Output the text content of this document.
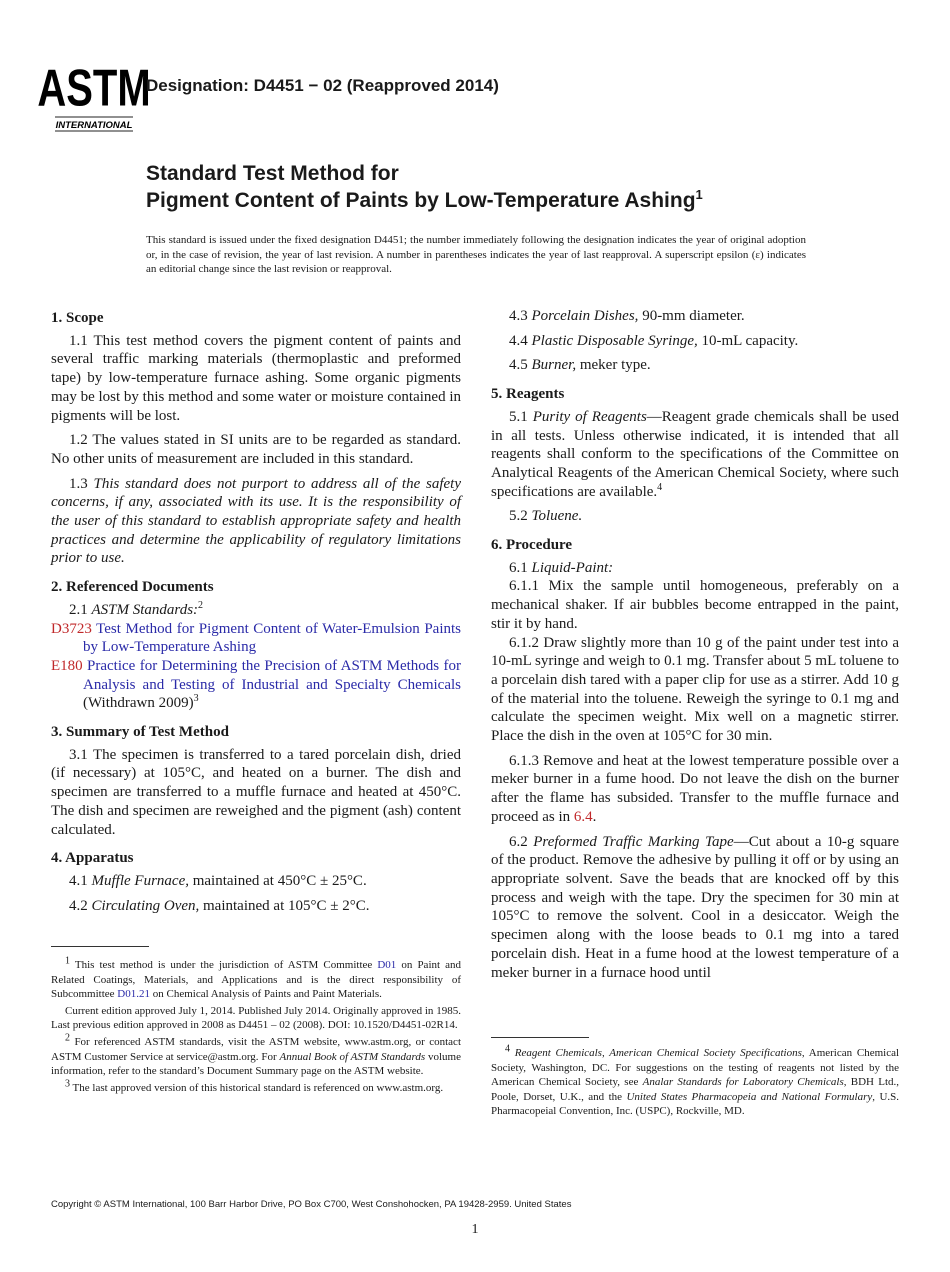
ASTM
INTERNATIONAL
Designation: D4451 − 02 (Reapproved 2014)
Standard Test Method for
Pigment Content of Paints by Low-Temperature Ashing$^1$
This standard is issued under the fixed designation D4451; the number immediately following the designation indicates the year of original adoption or, in the case of revision, the year of last revision. A number in parentheses indicates the year of last reapproval. A superscript epsilon (ε) indicates an editorial change since the last revision or reapproval.
1. Scope
1.1 This test method covers the pigment content of paints and several traffic marking materials (thermoplastic and preformed tape) by low-temperature furnace ashing. Some organic pigments may be lost by this method and some water or moisture contained in pigments will be lost.
1.2 The values stated in SI units are to be regarded as standard. No other units of measurement are included in this standard.
1.3 This standard does not purport to address all of the safety concerns, if any, associated with its use. It is the responsibility of the user of this standard to establish appropriate safety and health practices and determine the applicability of regulatory limitations prior to use.
2. Referenced Documents
2.1 ASTM Standards:$^2$
D3723 Test Method for Pigment Content of Water-Emulsion Paints by Low-Temperature Ashing
E180 Practice for Determining the Precision of ASTM Methods for Analysis and Testing of Industrial and Specialty Chemicals (Withdrawn 2009)$^3$
3. Summary of Test Method
3.1 The specimen is transferred to a tared porcelain dish, dried (if necessary) at 105°C, and heated on a burner. The dish and specimen are transferred to a muffle furnace and heated at 450°C. The dish and specimen are reweighed and the pigment (ash) content calculated.
4. Apparatus
4.1 Muffle Furnace, maintained at 450°C ± 25°C.
4.2 Circulating Oven, maintained at 105°C ± 2°C.
4.3 Porcelain Dishes, 90-mm diameter.
4.4 Plastic Disposable Syringe, 10-mL capacity.
4.5 Burner, meker type.
5. Reagents
5.1 Purity of Reagents—Reagent grade chemicals shall be used in all tests. Unless otherwise indicated, it is intended that all reagents shall conform to the specifications of the Committee on Analytical Reagents of the American Chemical Society, where such specifications are available.$^4$
5.2 Toluene.
6. Procedure
6.1 Liquid-Paint:
6.1.1 Mix the sample until homogeneous, preferably on a mechanical shaker. If air bubbles become entrapped in the paint, stir it by hand.
6.1.2 Draw slightly more than 10 g of the paint under test into a 10-mL syringe and weigh to 0.1 mg. Transfer about 5 mL toluene to a porcelain dish tared with a paper clip for use as a stirrer. Add 10 g of the material into the toluene. Reweigh the syringe to 0.1 mg and calculate the specimen weight. Mix well on a magnetic stirrer. Place the dish in the oven at 105°C for 30 min.
6.1.3 Remove and heat at the lowest temperature possible over a meker burner in a fume hood. Do not leave the dish on the burner after the flame has subsided. Transfer to the muffle furnace and proceed as in 6.4.
6.2 Preformed Traffic Marking Tape—Cut about a 10-g square of the product. Remove the adhesive by pulling it off or by using an appropriate solvent. Save the beads that are knocked off by this process and weigh with the tape. Dry the specimen for 30 min at 105°C to remove the solvent. Cool in a desiccator. Weigh the specimen along with the loose beads to 0.1 mg into a tared porcelain dish. Heat in a fume hood at the lowest temperature of a meker burner in a furnace hood until
$^1$ This test method is under the jurisdiction of ASTM Committee D01 on Paint and Related Coatings, Materials, and Applications and is the direct responsibility of Subcommittee D01.21 on Chemical Analysis of Paints and Paint Materials.
Current edition approved July 1, 2014. Published July 2014. Originally approved in 1985. Last previous edition approved in 2008 as D4451 – 02 (2008). DOI: 10.1520/D4451-02R14.
$^2$ For referenced ASTM standards, visit the ASTM website, www.astm.org, or contact ASTM Customer Service at service@astm.org. For Annual Book of ASTM Standards volume information, refer to the standard’s Document Summary page on the ASTM website.
$^3$ The last approved version of this historical standard is referenced on www.astm.org.
$^4$ Reagent Chemicals, American Chemical Society Specifications, American Chemical Society, Washington, DC. For suggestions on the testing of reagents not listed by the American Chemical Society, see Analar Standards for Laboratory Chemicals, BDH Ltd., Poole, Dorset, U.K., and the United States Pharmacopeia and National Formulary, U.S. Pharmacopeial Convention, Inc. (USPC), Rockville, MD.
Copyright © ASTM International, 100 Barr Harbor Drive, PO Box C700, West Conshohocken, PA 19428-2959. United States
1
